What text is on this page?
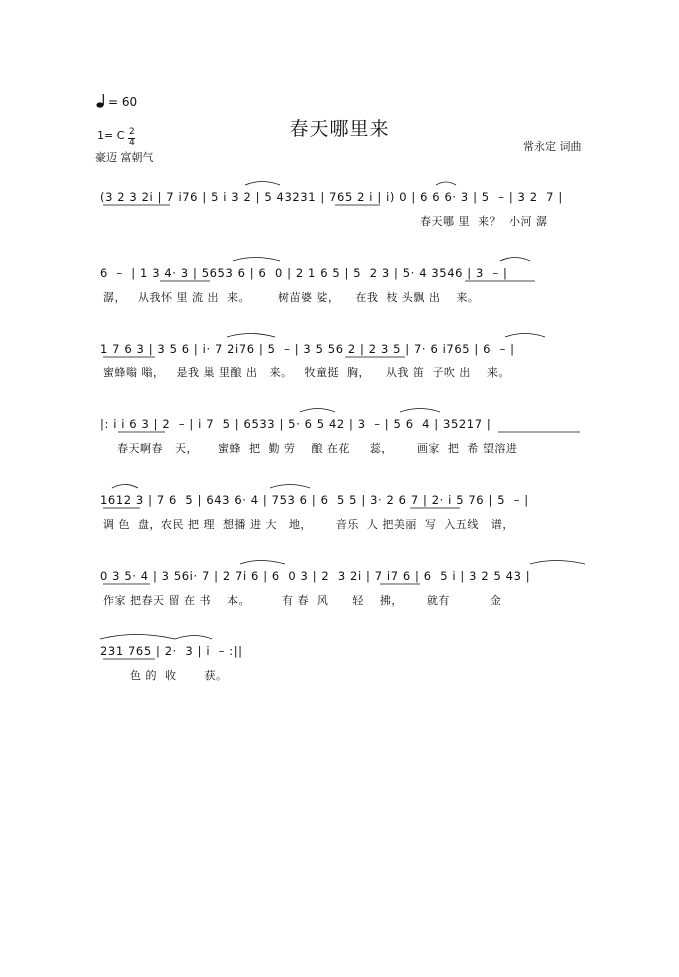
= 60
春天哪里来
1= C $\frac{2}{4}$
豪迈 富朝气
常永定 词曲
(3 2 3 2i | 7 i76 | 5 i 3 2 | 5 43231 | 765 2 i | i) 0 | 6 6 6· 3 | 5  – | 3 2  7 |
春天哪 里  来？  小河 潺
6  –  | 1 3 4· 3 | 5653 6 | 6  0 | 2 1 6 5 | 5  2 3 | 5· 4 3546 | 3  – |
潺，   从我怀 里 流 出  来。       树苗婆 娑，    在我  枝 头飘 出    来。
1 7 6 3 | 3 5 6 | i· 7 2i76 | 5  – | 3 5 56 2 | 2 3 5 | 7· 6 i765 | 6  – |
蜜蜂嗡 嗡，   是我 巢 里酿 出   来。   牧童挺  胸，    从我 笛  子吹 出    来。
|: i i 6 3 | 2  – | i 7  5 | 6533 | 5· 6 5 42 | 3  – | 5 6  4 | 35217 |
春天啊春   天，     蜜蜂  把  勤 劳    酿 在花     蕊，      画家  把  希 望溶进
1612 3 | 7 6  5 | 643 6· 4 | 753 6 | 6  5 5 | 3· 2 6 7 | 2· i 5 76 | 5  – |
调 色  盘，农民 把 理  想播 进 大   地，      音乐  人 把美丽  写  入五线   谱，
0 3 5· 4 | 3 56i· 7 | 2 7i 6 | 6  0 3 | 2  3 2i | 7 i7 6 | 6  5 i | 3 2 5 43 |
作家 把春天 留 在 书    本。        有 春  风      轻    拂，      就有          金
231 765 | 2·  3 | i  – :||
色 的  收       获。
